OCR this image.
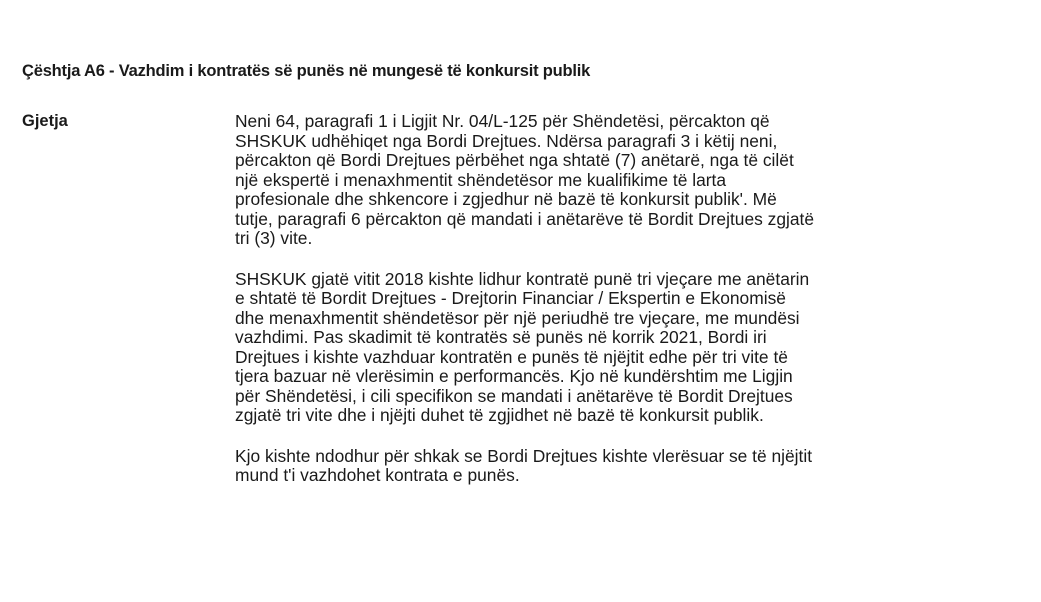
Çështja A6 - Vazhdim i kontratës së punës në mungesë të konkursit publik
Gjetja	Neni 64, paragrafi 1 i Ligjit Nr. 04/L-125 për Shëndetësi, përcakton që
SHSKUK udhëhiqet nga Bordi Drejtues. Ndërsa paragrafi 3 i këtij neni,
përcakton që Bordi Drejtues përbëhet nga shtatë (7) anëtarë, nga të cilët
një ekspertë i menaxhmentit shëndetësor me kualifikime të larta
profesionale dhe shkencore i zgjedhur në bazë të konkursit publik'. Më
tutje, paragrafi 6 përcakton që mandati i anëtarëve të Bordit Drejtues zgjatë
tri (3) vite.

SHSKUK gjatë vitit 2018 kishte lidhur kontratë punë tri vjeçare me anëtarin
e shtatë të Bordit Drejtues - Drejtorin Financiar / Ekspertin e Ekonomisë
dhe menaxhmentit shëndetësor për një periudhë tre vjeçare, me mundësi
vazhdimi. Pas skadimit të kontratës së punës në korrik 2021, Bordi iri
Drejtues i kishte vazhduar kontratën e punës të njëjtit edhe për tri vite të
tjera bazuar në vlerësimin e performancës. Kjo në kundërshtim me Ligjin
për Shëndetësi, i cili specifikon se mandati i anëtarëve të Bordit Drejtues
zgjatë tri vite dhe i njëjti duhet të zgjidhet në bazë të konkursit publik.

Kjo kishte ndodhur për shkak se Bordi Drejtues kishte vlerësuar se të njëjtit
mund t'i vazhdohet kontrata e punës.
